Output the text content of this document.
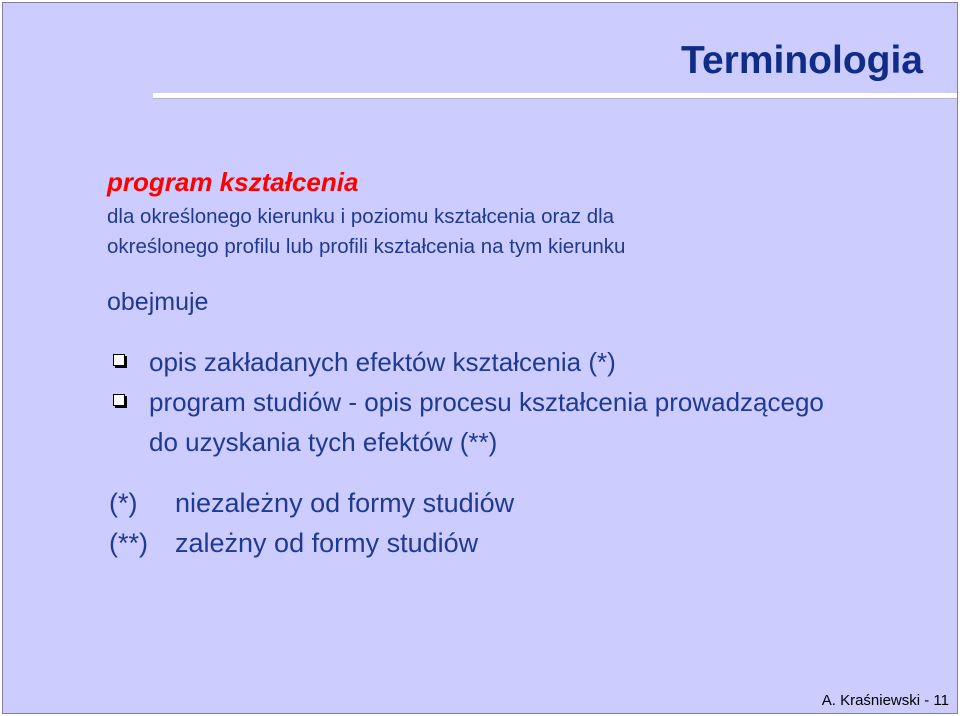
Terminologia
program kształcenia
dla określonego kierunku i poziomu kształcenia oraz dla
określonego profilu lub profili kształcenia na tym kierunku

obejmuje

opis zakładanych efektów kształcenia (*)
program studiów - opis procesu kształcenia prowadzącego do uzyskania tych efektów (**)
(*) niezależny od formy studiów
(**) zależny od formy studiów

A. Kraśniewski - 11
